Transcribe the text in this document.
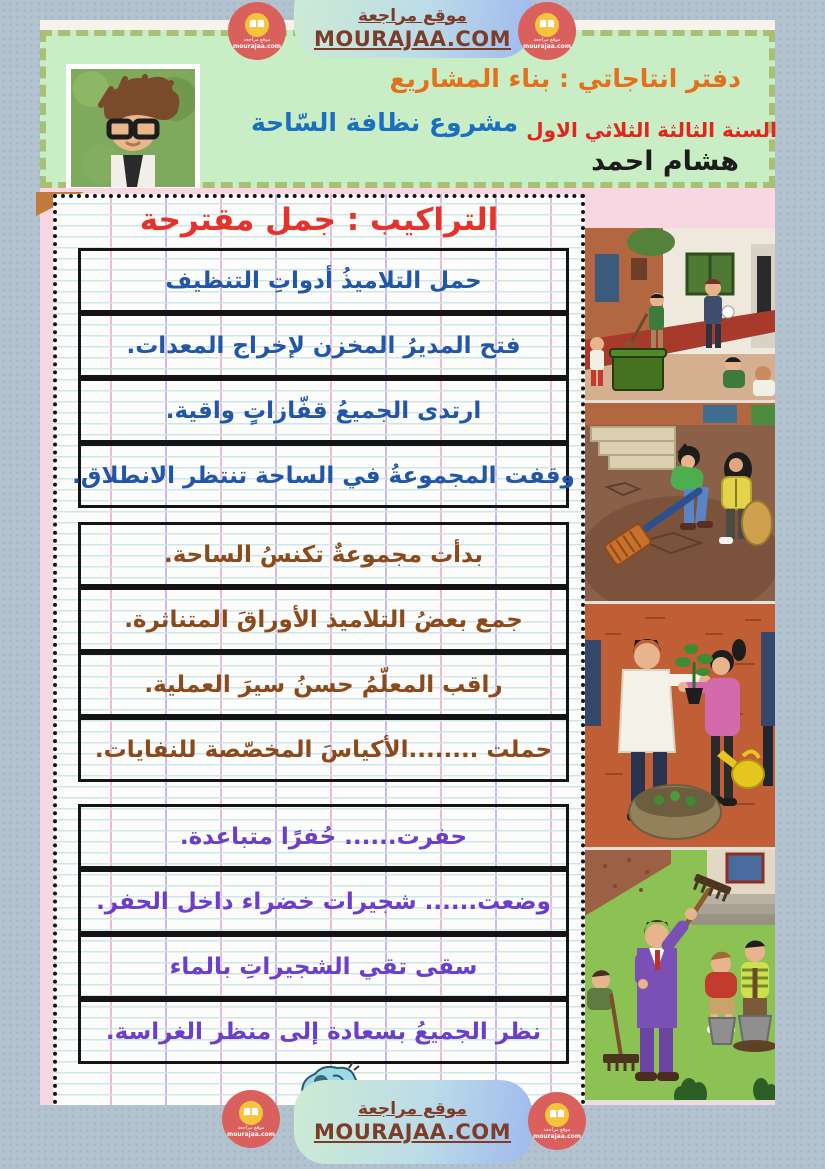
دفتر انتاجاتي : بناء المشاريع
السنة الثالثة الثلاثي الاول
مشروع نظافة السّاحة
هشام احمد
التراكيب : جمل مقترحة
حمل التلاميذُ أدواتِ التنظيف
فتح المديرُ المخزن لإخراج المعدات.
ارتدى الجميعُ قفّازاتٍ واقية.
وقفت المجموعةُ في الساحة تنتظر الانطلاق.
بدأت مجموعةٌ تكنسُ الساحة.
جمع بعضُ التلاميذ الأوراقَ المتناثرة.
راقب المعلّمُ حسنُ سيرَ العملية.
حملت ........الأكياسَ المخصّصة للنفايات.
حفرت...... حُفرًا متباعدة.
وضعت...... شجيرات خضراء داخل الحفر.
سقى تقي الشجيراتِ بالماء
نظر الجميعُ بسعادة إلى منظر الغراسة.
موقع مراجعة
MOURAJAA.COM
موقع مراجعة
mourajaa.com
موقع مراجعة
mourajaa.com
موقع مراجعة
MOURAJAA.COM
موقع مراجعة
mourajaa.com
موقع مراجعة
mourajaa.com
